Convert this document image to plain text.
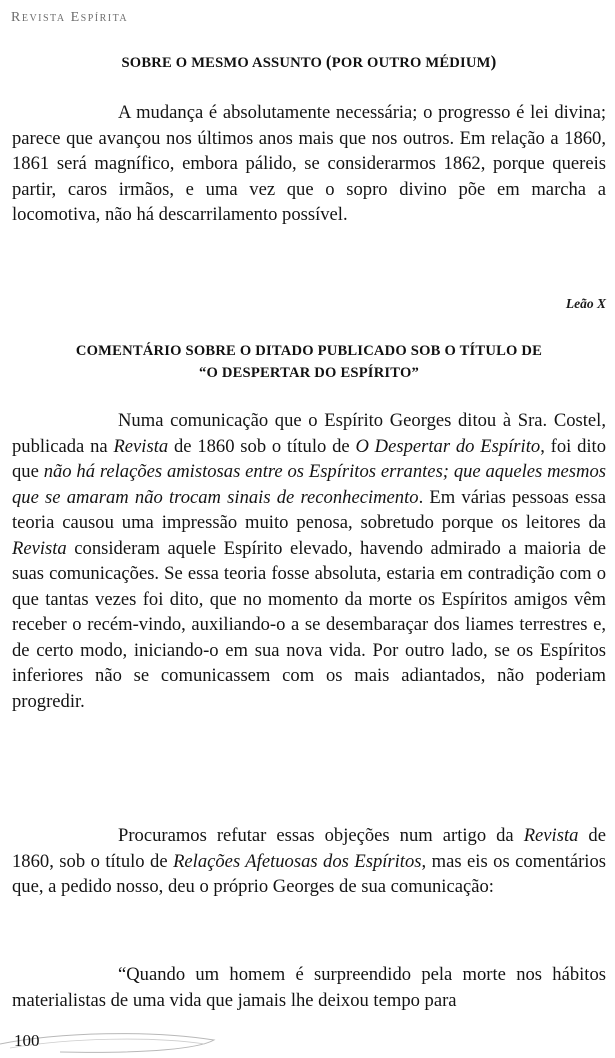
Revista Espírita
SOBRE O MESMO ASSUNTO (POR OUTRO MÉDIUM)

A mudança é absolutamente necessária; o progresso é lei divina; parece que avançou nos últimos anos mais que nos outros. Em relação a 1860, 1861 será magnífico, embora pálido, se considerarmos 1862, porque quereis partir, caros irmãos, e uma vez que o sopro divino põe em marcha a locomotiva, não há descarrilamento possível.

Leão X
COMENTÁRIO SOBRE O DITADO PUBLICADO SOB O TÍTULO DE
“O DESPERTAR DO ESPÍRITO”

Numa comunicação que o Espírito Georges ditou à Sra. Costel, publicada na Revista de 1860 sob o título de O Despertar do Espírito, foi dito que não há relações amistosas entre os Espíritos errantes; que aqueles mesmos que se amaram não trocam sinais de reconhecimento. Em várias pessoas essa teoria causou uma impressão muito penosa, sobretudo porque os leitores da Revista consideram aquele Espírito elevado, havendo admirado a maioria de suas comunicações. Se essa teoria fosse absoluta, estaria em contradição com o que tantas vezes foi dito, que no momento da morte os Espíritos amigos vêm receber o recém-vindo, auxiliando-o a se desembaraçar dos liames terrestres e, de certo modo, iniciando-o em sua nova vida. Por outro lado, se os Espíritos inferiores não se comunicassem com os mais adiantados, não poderiam progredir.

Procuramos refutar essas objeções num artigo da Revista de 1860, sob o título de Relações Afetuosas dos Espíritos, mas eis os comentários que, a pedido nosso, deu o próprio Georges de sua comunicação:

“Quando um homem é surpreendido pela morte nos hábitos materialistas de uma vida que jamais lhe deixou tempo para

100
